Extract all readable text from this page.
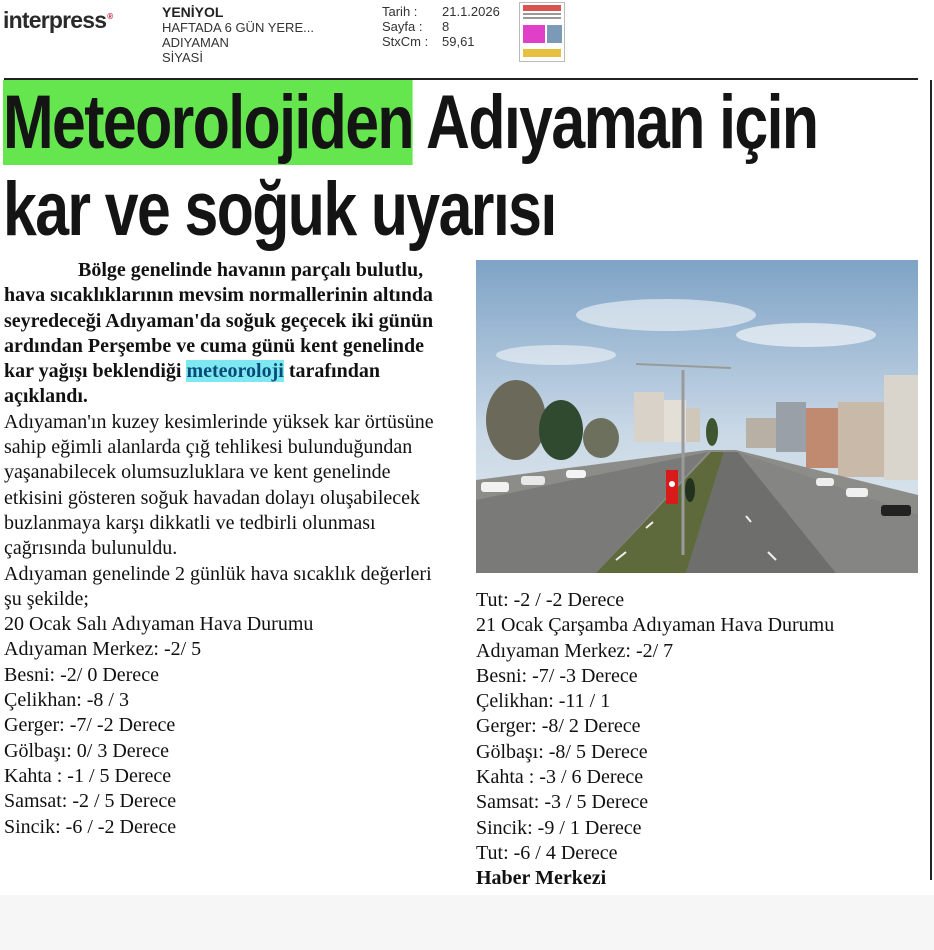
interpress®	YENİYOL
HAFTADA 6 GÜN YERE...
ADIYAMAN
SİYASİ
Tarih :	21.1.2026
Sayfa :	8
StxCm :	59,61
Meteorolojiden Adıyaman için
kar ve soğuk uyarısı

Bölge genelinde havanın parçalı bulutlu, hava sıcaklıklarının mevsim normallerinin altında seyredeceği Adıyaman'da soğuk geçecek iki günün ardından Perşembe ve cuma günü kent genelinde kar yağışı beklendiği meteoroloji tarafından açıklandı.

Adıyaman'ın kuzey kesimlerinde yüksek kar örtüsüne sahip eğimli alanlarda çığ tehlikesi bulunduğundan yaşanabilecek olumsuzluklara ve kent genelinde etkisini gösteren soğuk havadan dolayı oluşabilecek buzlanmaya karşı dikkatli ve tedbirli olunması çağrısında bulunuldu.

Adıyaman genelinde 2 günlük hava sıcaklık değerleri şu şekilde;

20 Ocak Salı Adıyaman Hava Durumu

Adıyaman Merkez: -2/ 5

Besni: -2/ 0 Derece

Çelikhan: -8 / 3

Gerger: -7/ -2 Derece

Gölbaşı: 0/ 3 Derece

Kahta : -1 / 5 Derece

Samsat: -2 / 5 Derece

Sincik: -6 / -2 Derece

Tut: -2 / -2 Derece

21 Ocak Çarşamba Adıyaman Hava Durumu

Adıyaman Merkez: -2/ 7

Besni: -7/ -3 Derece

Çelikhan: -11 / 1

Gerger: -8/ 2 Derece

Gölbaşı: -8/ 5 Derece

Kahta : -3 / 6 Derece

Samsat: -3 / 5 Derece

Sincik: -9 / 1 Derece

Tut: -6 / 4 Derece

Haber Merkezi
